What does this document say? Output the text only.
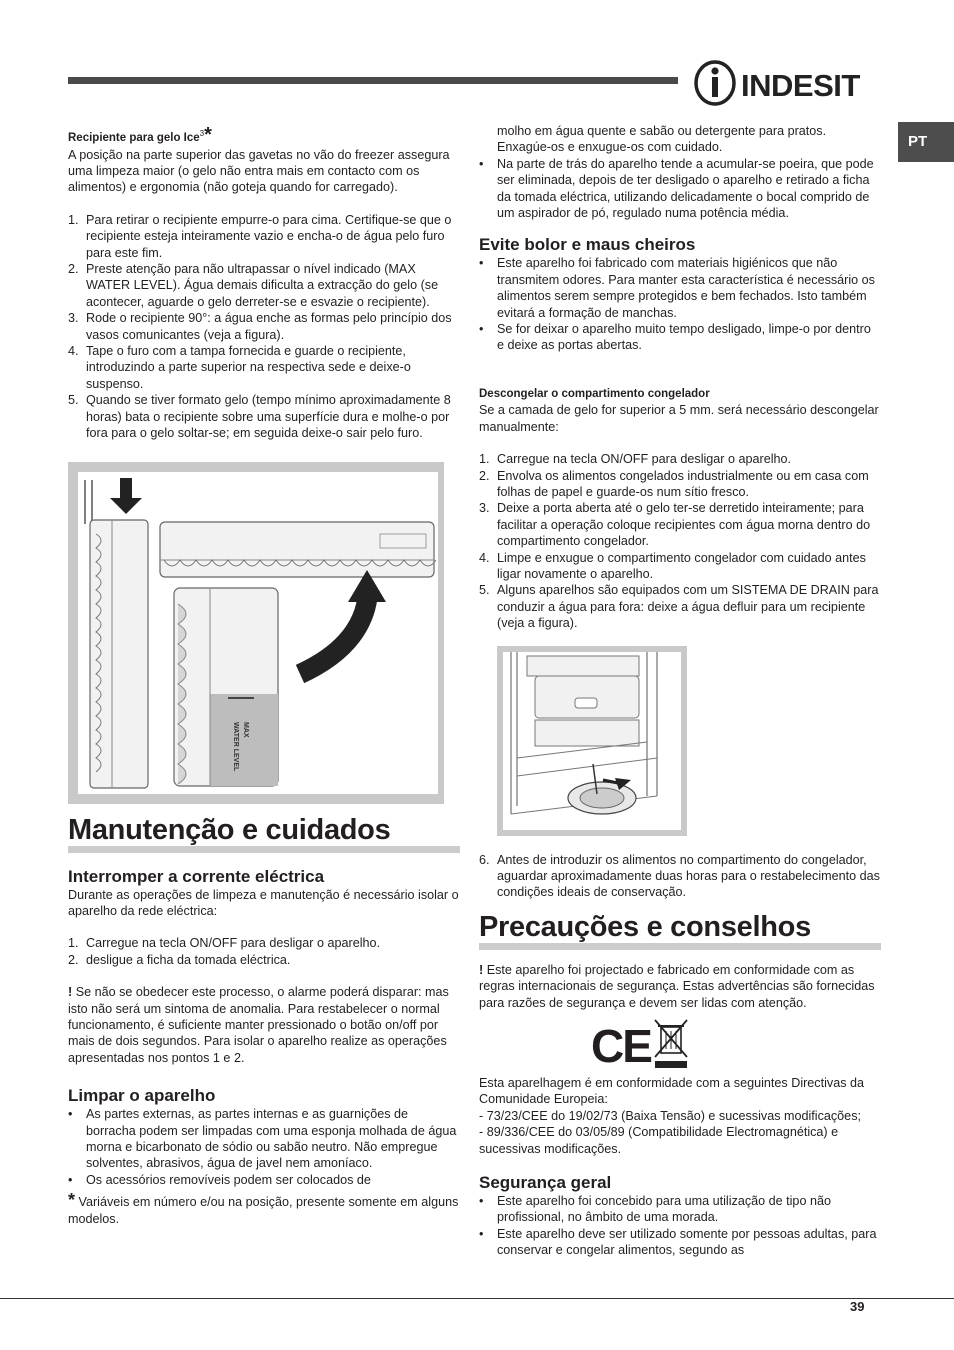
INDESIT
PT

Recipiente para gelo Ice$^3$*

A posição na parte superior das gavetas no vão do freezer assegura uma limpeza maior (o gelo não entra mais em contacto com os alimentos) e ergonomia (não goteja quando for carregado).

1. Para retirar o recipiente empurre-o para cima. Certifique-se que o recipiente esteja inteiramente vazio e encha-o de água pelo furo para este fim.
2. Preste atenção para não ultrapassar o nível indicado (MAX WATER LEVEL). Água demais dificulta a extracção do gelo (se acontecer, aguarde o gelo derreter-se e esvazie o recipiente).
3. Rode o recipiente 90°: a água enche as formas pelo princípio dos vasos comunicantes (veja a figura).
4. Tape o furo com a tampa fornecida e guarde o recipiente, introduzindo a parte superior na respectiva sede e deixe-o suspenso.
5. Quando se tiver formato gelo (tempo mínimo aproximadamente 8 horas) bata o recipiente sobre uma superfície dura e molhe-o por fora para o gelo soltar-se; em seguida deixe-o sair pelo furo.
MAX
WATER LEVEL
Manutenção e cuidados
Interromper a corrente eléctrica

Durante as operações de limpeza e manutenção é necessário isolar o aparelho da rede eléctrica:

1. Carregue na tecla ON/OFF para desligar o aparelho.
2. desligue a ficha da tomada eléctrica.

! Se não se obedecer este processo, o alarme poderá disparar: mas isto não será um sintoma de anomalia. Para restabelecer o normal funcionamento, é suficiente manter pressionado o botão on/off por mais de dois segundos. Para isolar o aparelho realize as operações apresentadas nos pontos 1 e 2.

Limpar o aparelho
• As partes externas, as partes internas e as guarnições de borracha podem ser limpadas com uma esponja molhada de água morna e bicarbonato de sódio ou sabão neutro. Não empregue solventes, abrasivos, água de javel nem amoníaco.
• Os acessórios removíveis podem ser colocados de

* Variáveis em número e/ou na posição, presente somente em alguns modelos.

molho em água quente e sabão ou detergente para pratos. Enxagúe-os e enxugue-os com cuidado.

• Na parte de trás do aparelho tende a acumular-se poeira, que pode ser eliminada, depois de ter desligado o aparelho e retirado a ficha da tomada eléctrica, utilizando delicadamente o bocal comprido de um aspirador de pó, regulado numa potência média.
Evite bolor e maus cheiros
• Este aparelho foi fabricado com materiais higiénicos que não transmitem odores. Para manter esta característica é necessário os alimentos serem sempre protegidos e bem fechados. Isto também evitará a formação de manchas.
• Se for deixar o aparelho muito tempo desligado, limpe-o por dentro e deixe as portas abertas.

Descongelar o compartimento congelador

Se a camada de gelo for superior a 5 mm. será necessário descongelar manualmente:

1. Carregue na tecla ON/OFF para desligar o aparelho.
2. Envolva os alimentos congelados industrialmente ou em casa com folhas de papel e guarde-os num sítio fresco.
3. Deixe a porta aberta até o gelo ter-se derretido inteiramente; para facilitar a operação coloque recipientes com água morna dentro do compartimento congelador.
4. Limpe e enxugue o compartimento congelador com cuidado antes ligar novamente o aparelho.
5. Alguns aparelhos são equipados com um SISTEMA DE DRAIN para conduzir a água para fora: deixe a água defluir para um recipiente (veja a figura).
6. Antes de introduzir os alimentos no compartimento do congelador, aguardar aproximadamente duas horas para o restabelecimento das condições ideais de conservação.
Precauções e conselhos

! Este aparelho foi projectado e fabricado em conformidade com as regras internacionais de segurança. Estas advertências são fornecidas para razões de segurança e devem ser lidas com atenção.

CE

Esta aparelhagem é em conformidade com a seguintes Directivas da Comunidade Europeia:

- 73/23/CEE do 19/02/73 (Baixa Tensão) e sucessivas modificações;

- 89/336/CEE do 03/05/89 (Compatibilidade Electromagnética) e sucessivas modificações.

Segurança geral
• Este aparelho foi concebido para uma utilização de tipo não profissional, no âmbito de uma morada.
• Este aparelho deve ser utilizado somente por pessoas adultas, para conservar e congelar alimentos, segundo as
39
